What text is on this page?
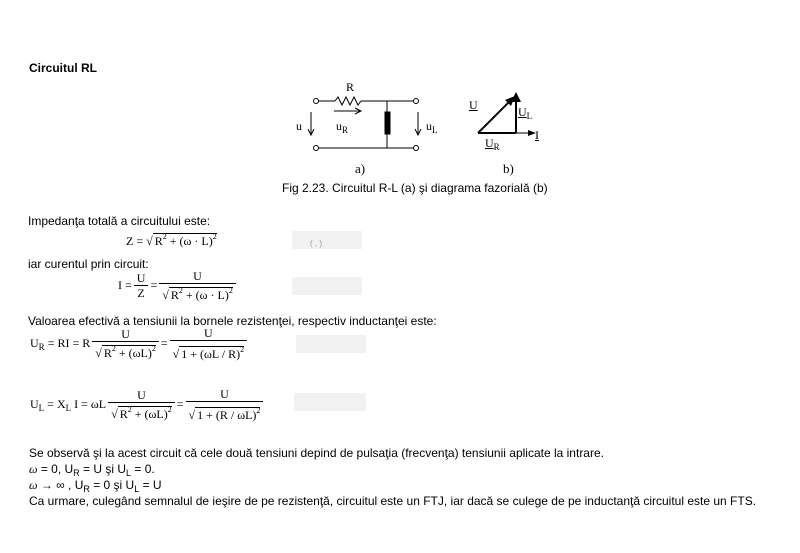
Circuitul RL
R
u	$u_R$	$u_L$
a)
U	$U_L$
$U_R$
I
b)
Fig 2.23. Circuitul R-L (a) şi diagrama fazorială (b)
Impedanţa totală a circuitului este:
Z = √ $R^2 + (\omega \cdot L)^2$
( , )
iar curentul prin circuit:
$I = \frac{U}{Z} = \frac{U}{√ R^2 + (\omega \cdot L)^2}$
Valoarea efectivă a tensiunii la bornele rezistenţei, respectiv inductanţei este:
$U_R$ = RI = R $\frac{U}{√ R^2 + (\omega L)^2} = \frac{U}{√ 1 + (\omega L / R)^2}$
$U_L = X_L$ I = ωL $\frac{U}{√ R^2 + (\omega L)^2} = \frac{U}{√ 1 + (R / \omega L)^2}$
Se observă şi la acest circuit că cele două tensiuni depind de pulsaţia (frecvenţa) tensiunii aplicate la intrare.
ω = 0, $U_R = U$ şi $U_L = 0$.
ω → ∞ , $U_R = 0$ şi $U_L = U$
Ca urmare, culegând semnalul de ieşire de pe rezistenţă, circuitul este un FTJ, iar dacă se culege de pe inductanţă circuitul este un FTS.
